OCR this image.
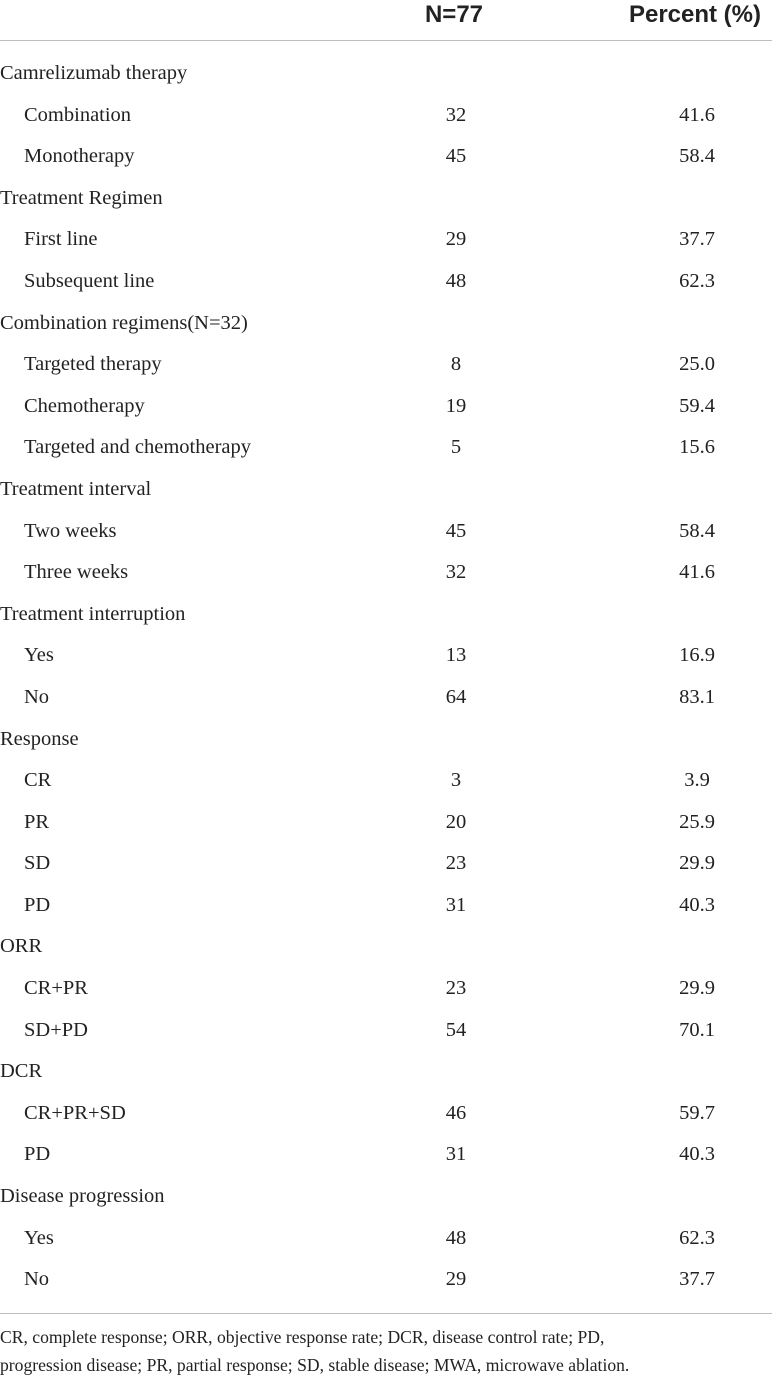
N=77	Percent (%)
Camrelizumab therapy
Combination	32	41.6
Monotherapy	45	58.4
Treatment Regimen
First line	29	37.7
Subsequent line	48	62.3
Combination regimens(N=32)
Targeted therapy	8	25.0
Chemotherapy	19	59.4
Targeted and chemotherapy	5	15.6
Treatment interval
Two weeks	45	58.4
Three weeks	32	41.6
Treatment interruption
Yes	13	16.9
No	64	83.1
Response
CR	3	3.9
PR	20	25.9
SD	23	29.9
PD	31	40.3
ORR
CR+PR	23	29.9
SD+PD	54	70.1
DCR
CR+PR+SD	46	59.7
PD	31	40.3
Disease progression
Yes	48	62.3
No	29	37.7
CR, complete response; ORR, objective response rate; DCR, disease control rate; PD,
progression disease; PR, partial response; SD, stable disease; MWA, microwave ablation.
